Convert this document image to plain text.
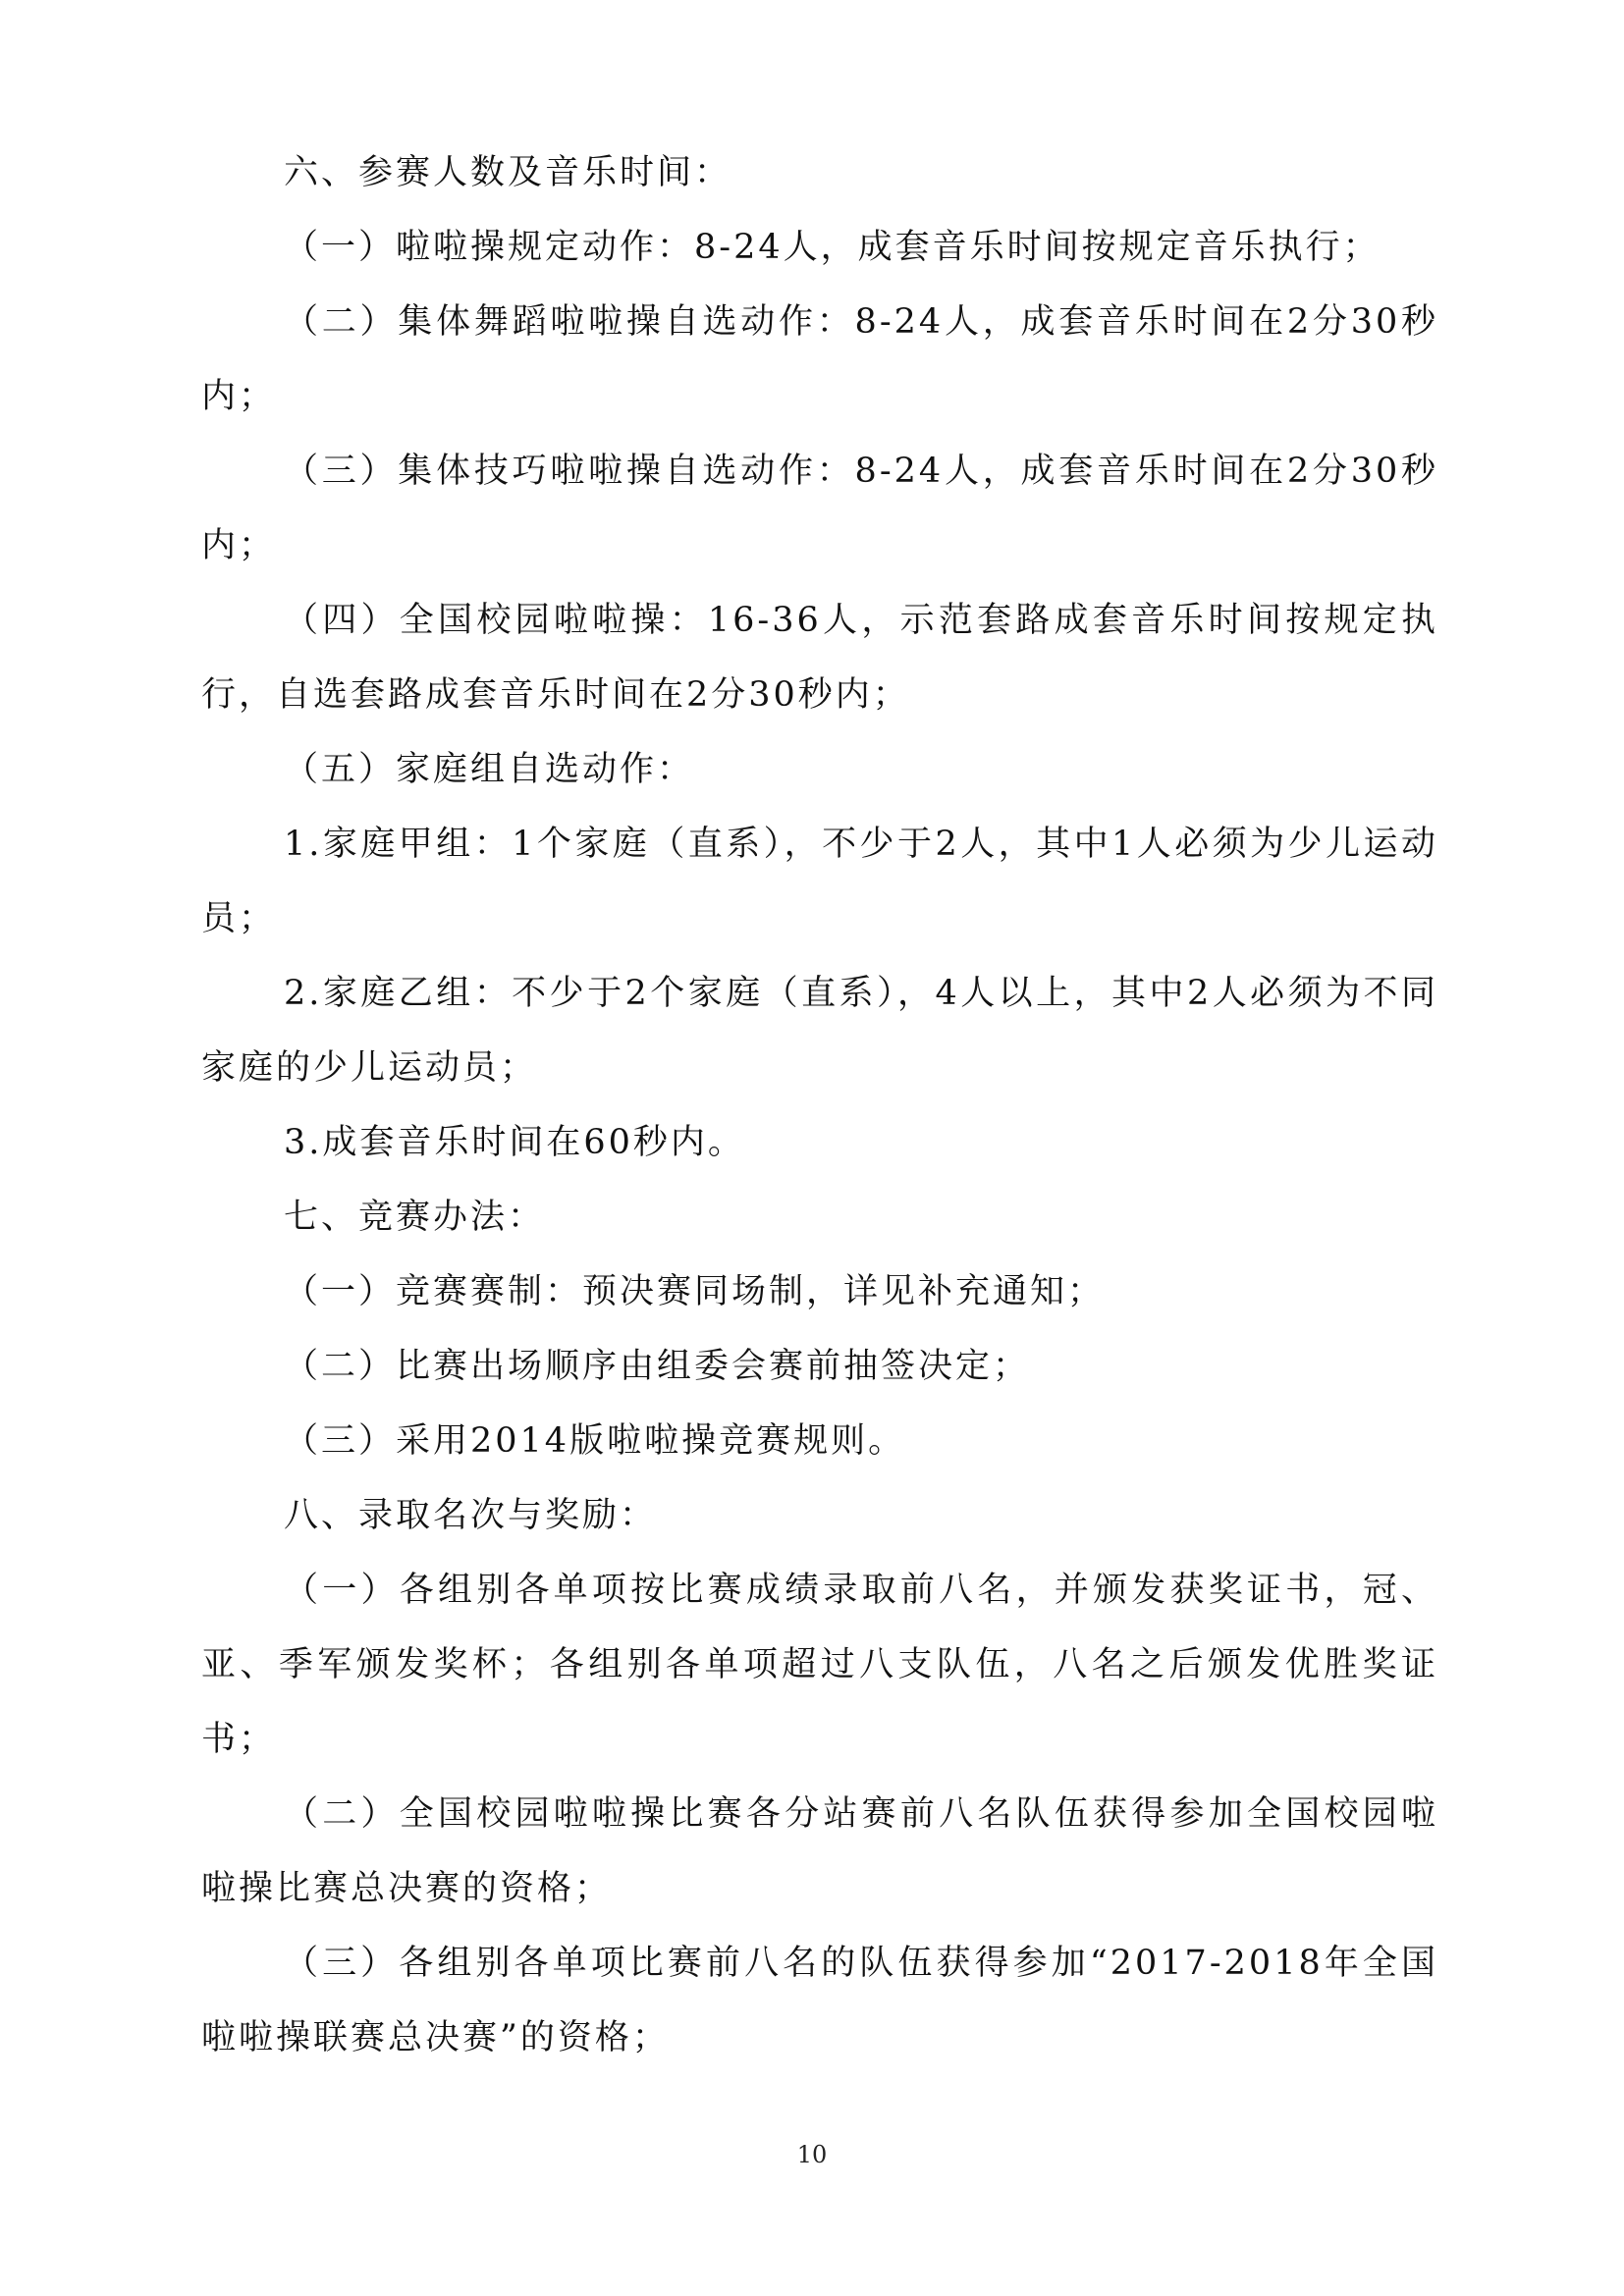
六、参赛人数及音乐时间：

（一）啦啦操规定动作：8-24人，成套音乐时间按规定音乐执行；

（二）集体舞蹈啦啦操自选动作：8-24人，成套音乐时间在2分30秒内；

（三）集体技巧啦啦操自选动作：8-24人，成套音乐时间在2分30秒内；

（四）全国校园啦啦操：16-36人，示范套路成套音乐时间按规定执行，自选套路成套音乐时间在2分30秒内；

（五）家庭组自选动作：

1.家庭甲组：1个家庭（直系），不少于2人，其中1人必须为少儿运动员；

2.家庭乙组：不少于2个家庭（直系），4人以上，其中2人必须为不同家庭的少儿运动员；

3.成套音乐时间在60秒内。

七、竞赛办法：

（一）竞赛赛制：预决赛同场制，详见补充通知；

（二）比赛出场顺序由组委会赛前抽签决定；

（三）采用2014版啦啦操竞赛规则。

八、录取名次与奖励：

（一）各组别各单项按比赛成绩录取前八名，并颁发获奖证书，冠、亚、季军颁发奖杯；各组别各单项超过八支队伍，八名之后颁发优胜奖证书；

（二）全国校园啦啦操比赛各分站赛前八名队伍获得参加全国校园啦啦操比赛总决赛的资格；

（三）各组别各单项比赛前八名的队伍获得参加“2017-2018年全国啦啦操联赛总决赛”的资格；

10
